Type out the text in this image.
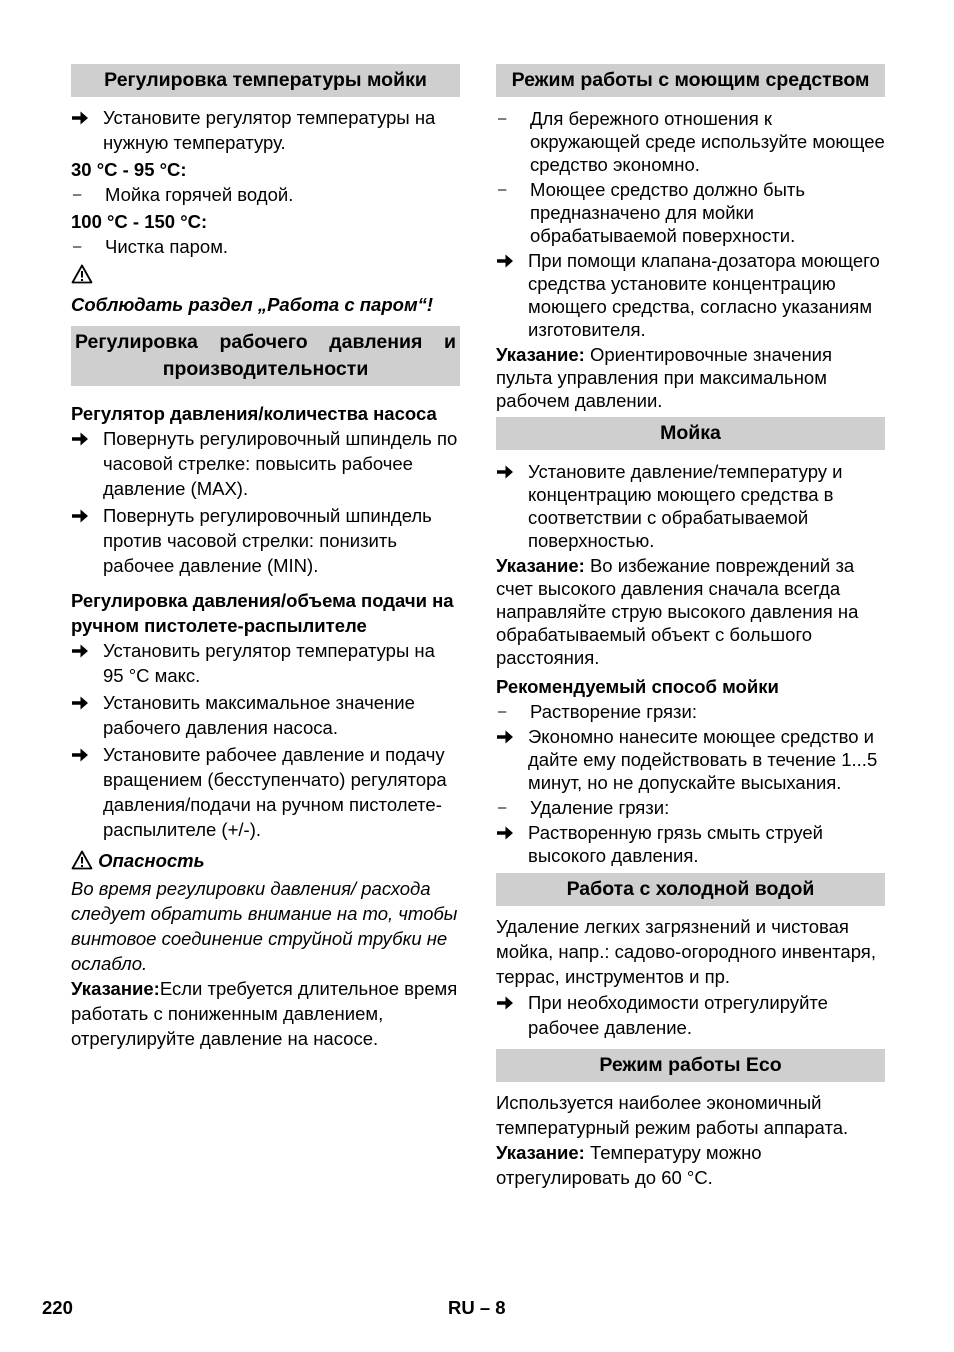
Регулировка температуры мойки
Установите регулятор температуры на нужную температуру.
30 °C - 95 °C:
–	Мойка горячей водой.
100 °C - 150 °C:
–	Чистка паром.
Соблюдать раздел „Работа с паром“!
Регулировка рабочего давления и производительности
Регулятор давления/количества насоса
Повернуть регулировочный шпиндель по часовой стрелке: повысить рабочее давление (MAX).
Повернуть регулировочный шпиндель против часовой стрелки: понизить рабочее давление (MIN).
Регулировка давления/объема подачи на ручном пистолете-распылителе
Установить регулятор температуры на 95 °C макс.
Установить максимальное значение рабочего давления насоса.
Установите рабочее давление и подачу вращением (бесступенчато) регулятора давления/подачи на ручном пистолете-распылителе (+/-).
Опасность
Во время регулировки давления/ расхода следует обратить внимание на то, чтобы винтовое соединение струйной трубки не ослабло.
Указание:Если требуется длительное время работать с пониженным давлением, отрегулируйте давление на насосе.
Режим работы с моющим средством
–	Для бережного отношения к окружающей среде используйте моющее средство экономно.
–	Моющее средство должно быть предназначено для мойки обрабатываемой поверхности.
При помощи клапана-дозатора моющего средства установите концентрацию моющего средства, согласно указаниям изготовителя.
Указание: Ориентировочные значения пульта управления при максимальном рабочем давлении.
Мойка
Установите давление/температуру и концентрацию моющего средства в соответствии с обрабатываемой поверхностью.
Указание: Во избежание повреждений за счет высокого давления сначала всегда направляйте струю высокого давления на обрабатываемый объект с большого расстояния.
Рекомендуемый способ мойки
–	Растворение грязи:
Экономно нанесите моющее средство и дайте ему подействовать в течение 1...5 минут, но не допускайте высыхания.
–	Удаление грязи:
Растворенную грязь смыть струей высокого давления.
Работа с холодной водой
Удаление легких загрязнений и чистовая мойка, напр.: садово-огородного инвентаря, террас, инструментов и пр.
При необходимости отрегулируйте рабочее давление.
Режим работы Eco
Используется наиболее экономичный температурный режим работы аппарата.
Указание: Температуру можно отрегулировать до 60 °C.
220	RU – 8
